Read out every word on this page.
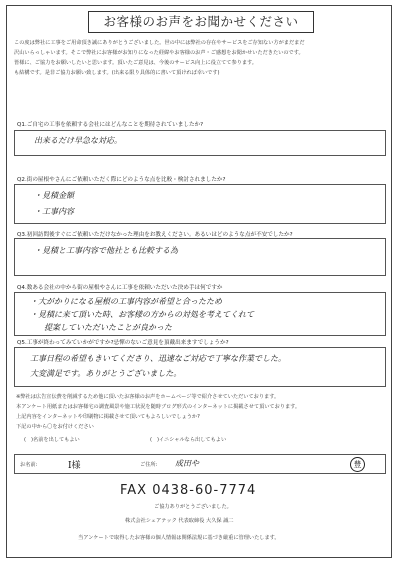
お客様のお声をお聞かせください
この度は弊社に工事をご用命頂き誠にありがとうございました。世の中には弊社の存在やサービスをご存知ない方がまだまだ
沢山いらっしゃいます。そこで弊社にお客様がお知りになった経緯やお客様のお声・ご感想をお聞かせいただきたいのです。
皆様に、ご協力をお願いしたいと思います。頂いたご意見は、今後のサービス向上に役立てて参ります。
も結構です。是非ご協力お願い致します。(出来る限り具体的に書いて頂ければ幸いです)
Q1.ご自宅の工事を依頼する会社にはどんなことを期待されていましたか?
出来るだけ早急な対応。
Q2.街の屋根やさんにご依頼いただく際にどのような点を比較・検討されましたか?
・見積金額
・工事内容
Q3.初回訪問後すぐにご依頼いただけなかった理由をお教えください。あるいはどのような点が不安でしたか?
・見積と工事内容で他社とも比較する為
Q4.数ある会社の中から街の屋根やさんに工事を依頼いただいた決め手は何ですか
・大がかりになる屋根の工事内容が希望と合ったため
・見積に来て頂いた時、お客様の方からの対処を考えてくれて
提案していただいたことが良かった
Q5.工事が終わってみていかがですか?忌憚のないご意見を頂戴出来ますでしょうか?
工事日程の希望もきいてくださり、迅速なご対応で丁寧な作業でした。
大変満足です。ありがとうございました。
※弊社は広告宣伝費を削減するため他に頂いたお客様のお声をホームページ等で紹介させていただいております。
本アンケート用紙またはお客様宅の調査風景や施工状況を随時ブログ形式のインターネットに掲載させて頂いております。
上記内容をインターネットや印刷物に掲載させて頂いてもよろしいでしょうか?
下記の中から〇をお付けください
(   )名前を出してもよい	(   )イニシャルなら出してもよい
お名前:	I様	ご住所: 成田や	豊
FAX 0438-60-7774
ご協力ありがとうございました。
株式会社シェアテック 代表取締役 大久保 誠二
当アンケートで取得したお客様の個人情報は関係法規に基づき厳重に管理いたします。
